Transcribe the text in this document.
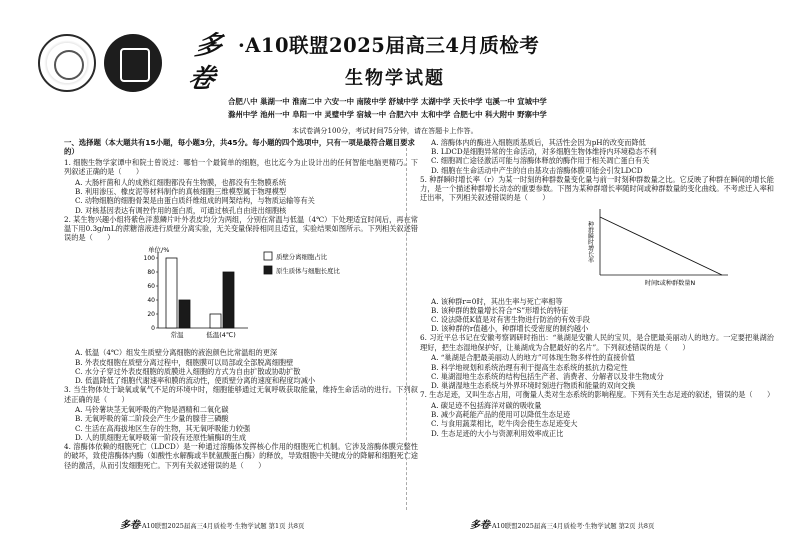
多卷
·A10联盟2025届高三4月质检考
生物学试题
合肥八中 巢湖一中 淮南二中 六安一中 南陵中学 舒城中学 太湖中学 天长中学 屯溪一中 宣城中学
滁州中学 池州一中 阜阳一中 灵璧中学 宿城一中 合肥六中 太和中学 合肥七中 科大附中 野寨中学
本试卷满分100分，考试时间75分钟，请在答题卡上作答。
一、选择题（本大题共有15小题，每小题3分，共45分。每小题的四个选项中，只有一项是最符合题目要求的）
1. 细胞生物学家谭中和院士曾说过：哪怕一个最简单的细胞，也比迄今为止设计出的任何智能电脑更精巧。下列叙述正确的是（　　）
A. 大肠杆菌和人的成熟红细胞都没有生物膜，也都没有生物膜系统
B. 利用渗压、橡皮泥等材料制作的真核细胞三维模型属于物理模型
C. 动物细胞的细胞骨架是由蛋白质纤维组成的网架结构，与物质运输等有关
D. 对核基因表达有调控作用的蛋白质，可通过核孔自由进出细胞核
2. 某生物兴趣小组将紫色洋葱鳞片叶外表皮均分为两组，分别在常温与低温（4℃）下处理适宜时间后，再在常温下用0.3g/mL的蔗糖溶液进行质壁分离实验，无关变量保持相同且适宜，实验结果如图所示。下列相关叙述错误的是（　　）
单位/%
100
80
60
40
20
0
常温	低温(4℃)
质壁分离细胞占比
原生质体与细胞长度比
A. 低温（4℃）组发生质壁分离细胞的液泡颜色比常温组的更深
B. 外表皮细胞在质壁分离过程中，细胞膜可以局部或全部脱离细胞壁
C. 水分子穿过外表皮细胞的质膜进入细胞的方式为自由扩散或协助扩散
D. 低温降低了细胞代谢速率和膜的流动性，使质壁分离的速度和程度均减小
3. 当生物体处于缺氧或氧气不足的环境中时，细胞能够通过无氧呼吸获取能量，维持生命活动的进行。下列叙述正确的是（　　）
A. 马铃薯块茎无氧呼吸的产物是酒精和二氧化碳
B. 无氧呼吸的第二阶段会产生少量的腺苷三磷酸
C. 生活在高海拔地区生存的生物，其无氧呼吸能力较强
D. 人的肌细胞无氧呼吸第一阶段有还原性辅酶I的生成
4. 溶酶体依赖的细胞死亡（LDCD）是一种通过溶酶体发挥核心作用的细胞死亡机制。它涉及溶酶体膜完整性的破坏，致使溶酶体内酶（如酸性水解酶或半胱氨酸蛋白酶）的释放，导致细胞中关键成分的降解和细胞死亡途径的激活，从而引发细胞死亡。下列有关叙述错误的是（　　）
A. 溶酶体内的酶进入细胞质基质后，其活性会因为pH的改变而降低
B. LDCD是细胞异常的生命活动，对多细胞生物体维持内环境稳态不利
C. 细胞凋亡途径激活可能与溶酶体释放的酶作用于相关凋亡蛋白有关
D. 细胞在生命活动中产生的自由基攻击溶酶体膜可能会引发LDCD
5. 种群瞬时增长率（r）为某一时刻的种群数量变化量与前一时刻种群数量之比。它反映了种群在瞬间的增长能力，是一个描述种群增长动态的重要参数。下图为某种群增长率随时间或种群数量的变化曲线。不考虑迁入率和迁出率，下列相关叙述错误的是（　　）
种群瞬时增长率
时间t或种群数量N
A. 该种群r=0时，其出生率与死亡率相等
B. 该种群的数量增长符合“S”形增长的特征
C. 设法降低K值是对有害生物进行防治的有效手段
D. 该种群的r值越小，种群增长受密度的制约越小
6. 习近平总书记在安徽考察调研时指出：“巢湖是安徽人民的宝贝，是合肥最美丽动人的地方。一定要把巢湖治理好，把生态湿地保护好，让巢湖成为合肥最好的名片”。下列叙述错误的是（　　）
A. “巢湖是合肥最美丽动人的地方”可体现生物多样性的直接价值
B. 科学地规划和系统治理有利于提高生态系统的抵抗力稳定性
C. 巢湖湿地生态系统的结构包括生产者、消费者、分解者以及非生物成分
D. 巢湖湿地生态系统与外界环境时刻进行物质和能量的双向交换
7. 生态足迹，又叫生态占用，可衡量人类对生态系统的影响程度。下列有关生态足迹的叙述，错误的是（　　）
A. 碳足迹不包括海洋对碳的吸收量
B. 减少高耗能产品的使用可以降低生态足迹
C. 与食用蔬菜相比，吃牛肉会使生态足迹变大
D. 生态足迹的大小与资源利用效率成正比
多卷·A10联盟2025届高三4月质检考·生物学试题 第1页 共8页	多卷·A10联盟2025届高三4月质检考·生物学试题 第2页 共8页
